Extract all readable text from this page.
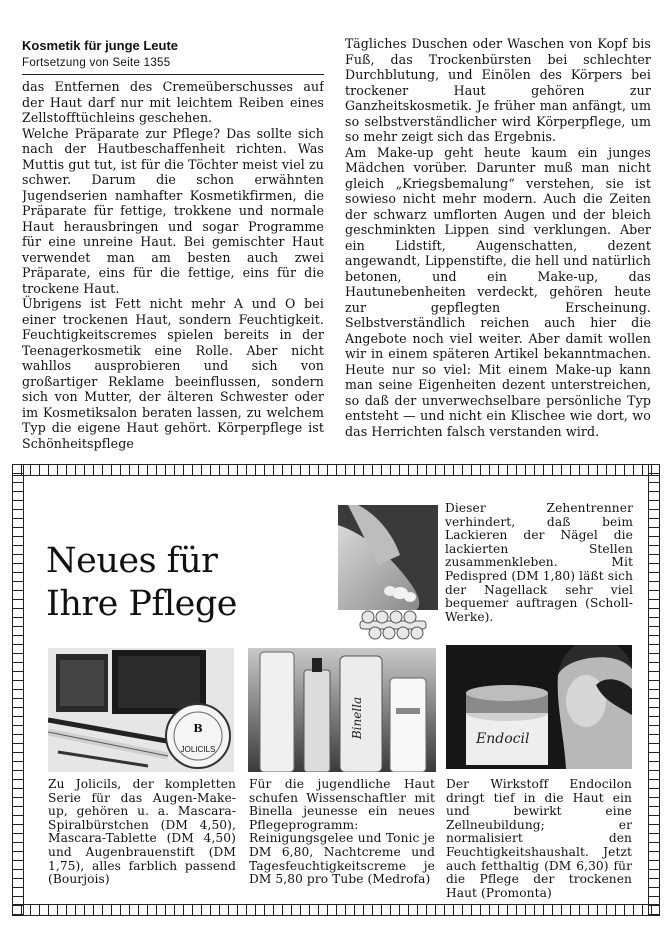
Kosmetik für junge Leute
Fortsetzung von Seite 1355

das Entfernen des Cremeüberschusses auf der Haut darf nur mit leichtem Reiben eines Zellstofftüchleins geschehen.

Welche Präparate zur Pflege? Das sollte sich nach der Hautbeschaffenheit richten. Was Muttis gut tut, ist für die Töchter meist viel zu schwer. Darum die schon erwähnten Jugendserien namhafter Kosmetikfirmen, die Präparate für fettige, trokkene und normale Haut herausbringen und sogar Programme für eine unreine Haut. Bei gemischter Haut verwendet man am besten auch zwei Präparate, eins für die fettige, eins für die trockene Haut.

Übrigens ist Fett nicht mehr A und O bei einer trockenen Haut, sondern Feuchtigkeit. Feuchtigkeitscremes spielen bereits in der Teenagerkosmetik eine Rolle. Aber nicht wahllos ausprobieren und sich von großartiger Reklame beeinflussen, sondern sich von Mutter, der älteren Schwester oder im Kosmetiksalon beraten lassen, zu welchem Typ die eigene Haut gehört. Körperpflege ist Schönheitspflege

Tägliches Duschen oder Waschen von Kopf bis Fuß, das Trockenbürsten bei schlechter Durchblutung, und Einölen des Körpers bei trockener Haut gehören zur Ganzheitskosmetik. Je früher man anfängt, um so selbstverständlicher wird Körperpflege, um so mehr zeigt sich das Ergebnis.

Am Make-up geht heute kaum ein junges Mädchen vorüber. Darunter muß man nicht gleich „Kriegsbemalung“ verstehen, sie ist sowieso nicht mehr modern. Auch die Zeiten der schwarz umflorten Augen und der bleich geschminkten Lippen sind verklungen. Aber ein Lidstift, Augenschatten, dezent angewandt, Lippenstifte, die hell und natürlich betonen, und ein Make-up, das Hautunebenheiten verdeckt, gehören heute zur gepflegten Erscheinung. Selbstverständlich reichen auch hier die Angebote noch viel weiter. Aber damit wollen wir in einem späteren Artikel bekanntmachen. Heute nur so viel: Mit einem Make-up kann man seine Eigenheiten dezent unterstreichen, so daß der unverwechselbare persönliche Typ entsteht — und nicht ein Klischee wie dort, wo das Herrichten falsch verstanden wird.

Neues für
Ihre Pflege
Dieser Zehentrenner verhindert, daß beim Lackieren der Nägel die lackierten Stellen zusammenkleben. Mit Pedispred (DM 1,80) läßt sich der Nagellack sehr viel bequemer auftragen (Scholl-Werke).
B
JOLICILS
Binella	Endocil
Zu Jolicils, der kompletten Serie für das Augen-Make-up, gehören u. a. Mascara-Spiralbürstchen (DM 4,50), Mascara-Tablette (DM 4,50) und Augenbrauenstift (DM 1,75), alles farblich passend (Bourjois)
Für die jugendliche Haut schufen Wissenschaftler mit Binella jeunesse ein neues Pflegeprogramm: Reinigungsgelee und Tonic je DM 6,80, Nachtcreme und Tagesfeuchtigkeitscreme je DM 5,80 pro Tube (Medrofa)
Der Wirkstoff Endocilon dringt tief in die Haut ein und bewirkt eine Zellneubildung; er normalisiert den Feuchtigkeitshaushalt. Jetzt auch fetthaltig (DM 6,30) für die Pflege der trockenen Haut (Promonta)
